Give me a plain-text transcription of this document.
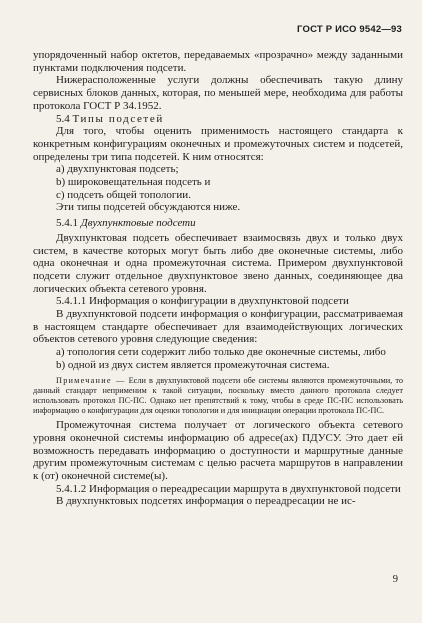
ГОСТ Р ИСО 9542—93

упорядоченный набор октетов, передаваемых «прозрачно» между заданными пунктами подключения подсети.

Нижерасположенные услуги должны обеспечивать такую длину сервисных блоков данных, которая, по меньшей мере, необходима для работы протокола ГОСТ Р 34.1952.

5.4 Типы подсетей

Для того, чтобы оценить применимость настоящего стандарта к конкретным конфигурациям оконечных и промежуточных систем и подсетей, определены три типа подсетей. К ним относятся:

а) двухпунктовая подсеть;

b) широковещательная подсеть и

с) подсеть общей топологии.

Эти типы подсетей обсуждаются ниже.

5.4.1 Двухпунктовые подсети

Двухпунктовая подсеть обеспечивает взаимосвязь двух и только двух систем, в качестве которых могут быть либо две оконечные системы, либо одна оконечная и одна промежуточная система. Примером двухпунктовой подсети служит отдельное двухпунктовое звено данных, соединяющее два логических объекта сетевого уровня.

5.4.1.1 Информация о конфигурации в двухпунктовой подсети

В двухпунктовой подсети информация о конфигурации, рассматриваемая в настоящем стандарте обеспечивает для взаимодействующих логических объектов сетевого уровня следующие сведения:

а) топология сети содержит либо только две оконечные системы, либо

b) одной из двух систем является промежуточная система.

Примечание — Если в двухпунктовой подсети обе системы являются промежуточными, то данный стандарт неприменим к такой ситуации, поскольку вместо данного протокола следует использовать протокол ПС-ПС. Однако нет препятствий к тому, чтобы в среде ПС-ПС использовать информацию о конфигурации для оценки топологии и для инициации операции протокола ПС-ПС.

Промежуточная система получает от логического объекта сетевого уровня оконечной системы информацию об адресе(ах) ПДУСУ. Это дает ей возможность передавать информацию о доступности и маршрутные данные другим промежуточным системам с целью расчета маршрутов в направлении к (от) оконечной системе(ы).

5.4.1.2 Информация о переадресации маршрута в двухпунктовой подсети

В двухпунктовых подсетях информация о переадресации не ис-

9
